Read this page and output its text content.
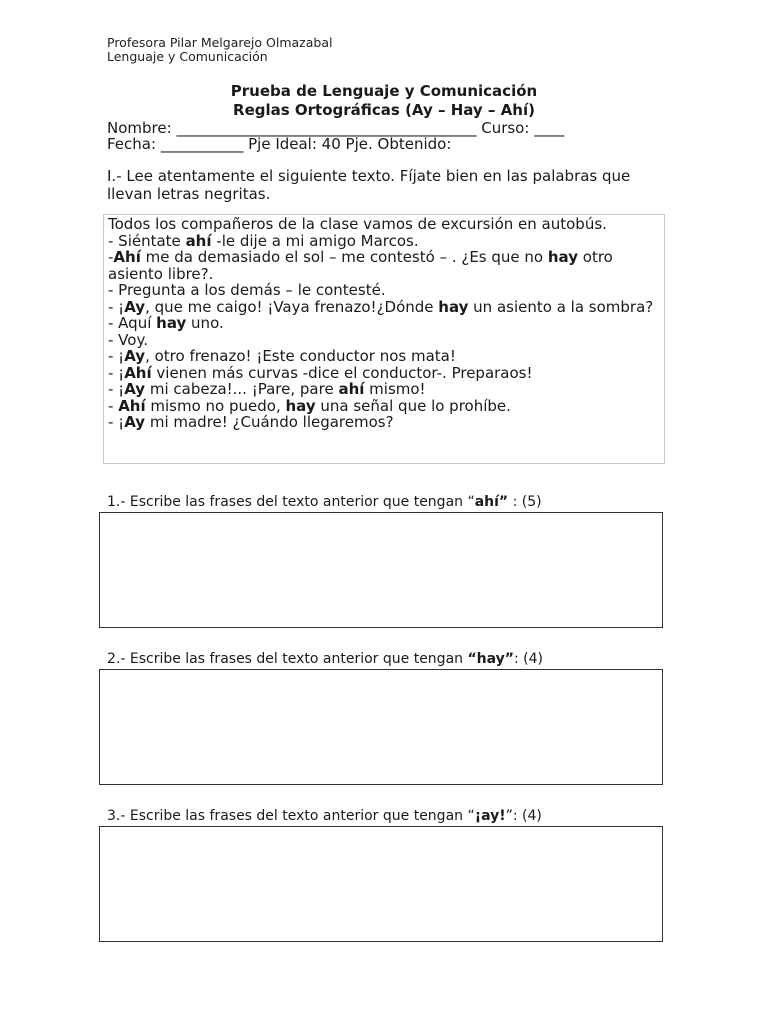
Profesora Pilar Melgarejo Olmazabal
Lenguaje y Comunicación
Prueba de Lenguaje y Comunicación
Reglas Ortográficas (Ay – Hay – Ahí)
Nombre: ________________________________________ Curso: ____
Fecha: ___________ Pje Ideal: 40 Pje. Obtenido:
I.- Lee atentamente el siguiente texto. Fíjate bien en las palabras que llevan letras negritas.
Todos los compañeros de la clase vamos de excursión en autobús.
- Siéntate ahí -le dije a mi amigo Marcos.
-Ahí me da demasiado el sol – me contestó – . ¿Es que no hay otro asiento libre?.
- Pregunta a los demás – le contesté.
- ¡Ay, que me caigo! ¡Vaya frenazo!¿Dónde hay un asiento a la sombra?
- Aquí hay uno.
- Voy.
- ¡Ay, otro frenazo! ¡Este conductor nos mata!
- ¡Ahí vienen más curvas -dice el conductor-. Preparaos!
- ¡Ay mi cabeza!... ¡Pare, pare ahí mismo!
- Ahí mismo no puedo, hay una señal que lo prohíbe.
- ¡Ay mi madre! ¿Cuándo llegaremos?
1.- Escribe las frases del texto anterior que tengan “ahí” : (5)
2.- Escribe las frases del texto anterior que tengan “hay”: (4)
3.- Escribe las frases del texto anterior que tengan “¡ay!”: (4)
